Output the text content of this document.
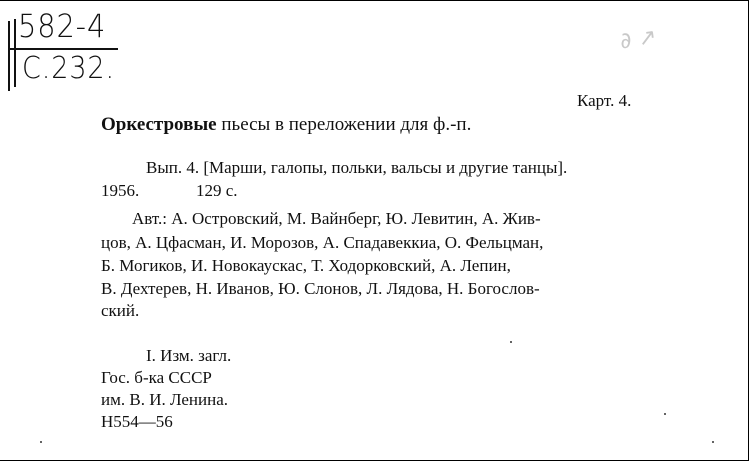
582-4
C.232.
∂ ↗
Карт. 4.
Оркестровые пьесы в переложении для ф.-п.
Вып. 4. [Марши, галопы, польки, вальсы и другие танцы].
1956.	129 с.
Авт.: А. Островский, М. Вайнберг, Ю. Левитин, А. Жив-
цов, А. Цфасман, И. Морозов, А. Спадавеккиа, О. Фельцман,
Б. Могиков, И. Новокаускас, Т. Ходорковский, А. Лепин,
В. Дехтерев, Н. Иванов, Ю. Слонов, Л. Лядова, Н. Богослов-
ский.
I. Изм. загл.
Гос. б-ка СССР
им. В. И. Ленина.
Н554—56
